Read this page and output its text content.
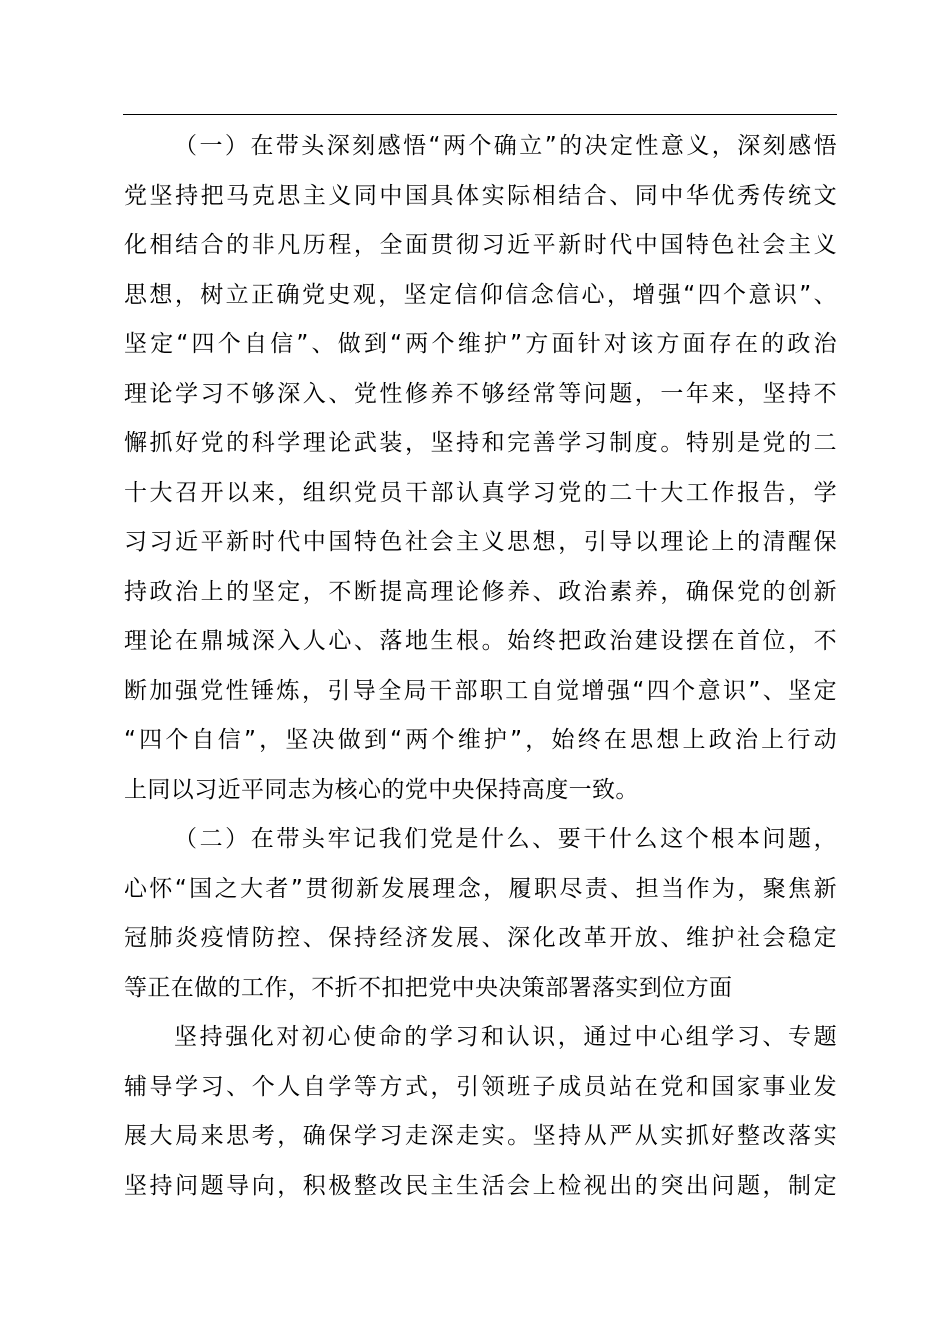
（一）在带头深刻感悟“两个确立”的决定性意义，深刻感悟
党坚持把马克思主义同中国具体实际相结合、同中华优秀传统文
化相结合的非凡历程，全面贯彻习近平新时代中国特色社会主义
思想，树立正确党史观，坚定信仰信念信心，增强“四个意识”、
坚定“四个自信”、做到“两个维护”方面针对该方面存在的政治
理论学习不够深入、党性修养不够经常等问题，一年来，坚持不
懈抓好党的科学理论武装，坚持和完善学习制度。特别是党的二
十大召开以来，组织党员干部认真学习党的二十大工作报告，学
习习近平新时代中国特色社会主义思想，引导以理论上的清醒保
持政治上的坚定，不断提高理论修养、政治素养，确保党的创新
理论在鼎城深入人心、落地生根。始终把政治建设摆在首位，不
断加强党性锤炼，引导全局干部职工自觉增强“四个意识”、坚定
“四个自信”，坚决做到“两个维护”，始终在思想上政治上行动
上同以习近平同志为核心的党中央保持高度一致。
（二）在带头牢记我们党是什么、要干什么这个根本问题，
心怀“国之大者”贯彻新发展理念，履职尽责、担当作为，聚焦新
冠肺炎疫情防控、保持经济发展、深化改革开放、维护社会稳定
等正在做的工作，不折不扣把党中央决策部署落实到位方面
坚持强化对初心使命的学习和认识，通过中心组学习、专题
辅导学习、个人自学等方式，引领班子成员站在党和国家事业发
展大局来思考，确保学习走深走实。坚持从严从实抓好整改落实
坚持问题导向，积极整改民主生活会上检视出的突出问题，制定
